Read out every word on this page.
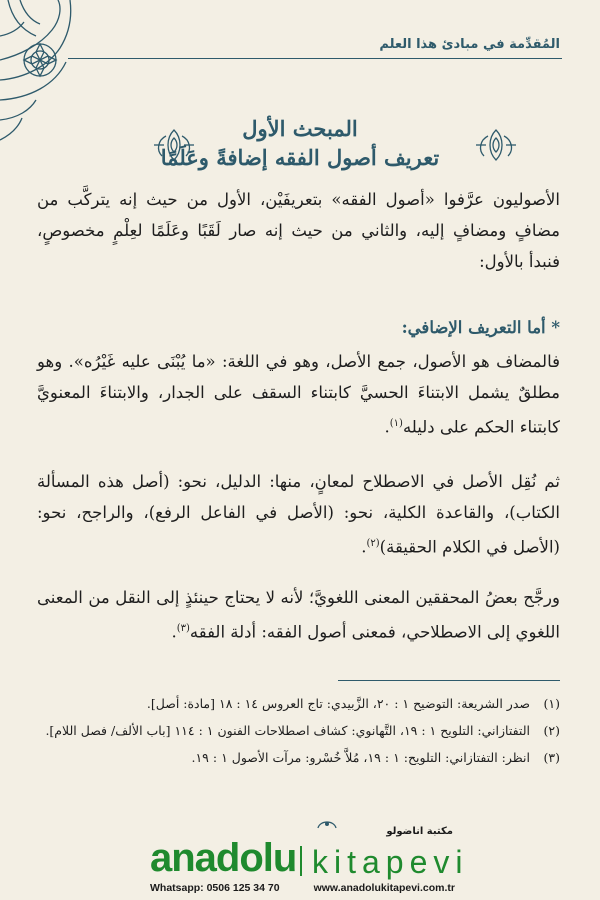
المُقدِّمة في مبادئ هذا العلم
المبحث الأول
تعريف أصول الفقه إضافةً وعَلَمًا
الأصوليون عرَّفوا «أصول الفقه» بتعريفَيْن، الأول من حيث إنه يتركَّب من مضافٍ ومضافٍ إليه، والثاني من حيث إنه صار لَقَبًا وعَلَمًا لعِلْمٍ مخصوصٍ، فنبدأ بالأول:
* أما التعريف الإضافي:
فالمضاف هو الأصول، جمع الأصل، وهو في اللغة: «ما يُبْنَى عليه غَيْرُه». وهو مطلقٌ يشمل الابتناءَ الحسيَّ كابتناء السقف على الجدار، والابتناءَ المعنويَّ كابتناء الحكم على دليله$^{(١)}$.
ثم نُقِل الأصل في الاصطلاح لمعانٍ، منها: الدليل، نحو: (أصل هذه المسألة الكتاب)، والقاعدة الكلية، نحو: (الأصل في الفاعل الرفع)، والراجح، نحو: (الأصل في الكلام الحقيقة)$^{(٢)}$.
ورجَّح بعضُ المحققين المعنى اللغويَّ؛ لأنه لا يحتاج حينئذٍ إلى النقل من المعنى اللغوي إلى الاصطلاحي، فمعنى أصول الفقه: أدلة الفقه$^{(٣)}$.
(١)
صدر الشريعة: التوضيح ١ : ٢٠، الزَّبيدي: تاج العروس ١٤ : ١٨ [مادة: أصل].
(٢)
التفتازاني: التلويح ١ : ١٩، التَّهانوي: كشاف اصطلاحات الفنون ١ : ١١٤ [باب الألف/ فصل اللام].
(٣)
انظر: التفتازاني: التلويح: ١ : ١٩، مُلاَّ خُسْرو: مرآت الأصول ١ : ١٩.
مكتبة اناضولو
anadolu kitapevi
Whatsapp: 0506 125 34 70	www.anadolukitapevi.com.tr
